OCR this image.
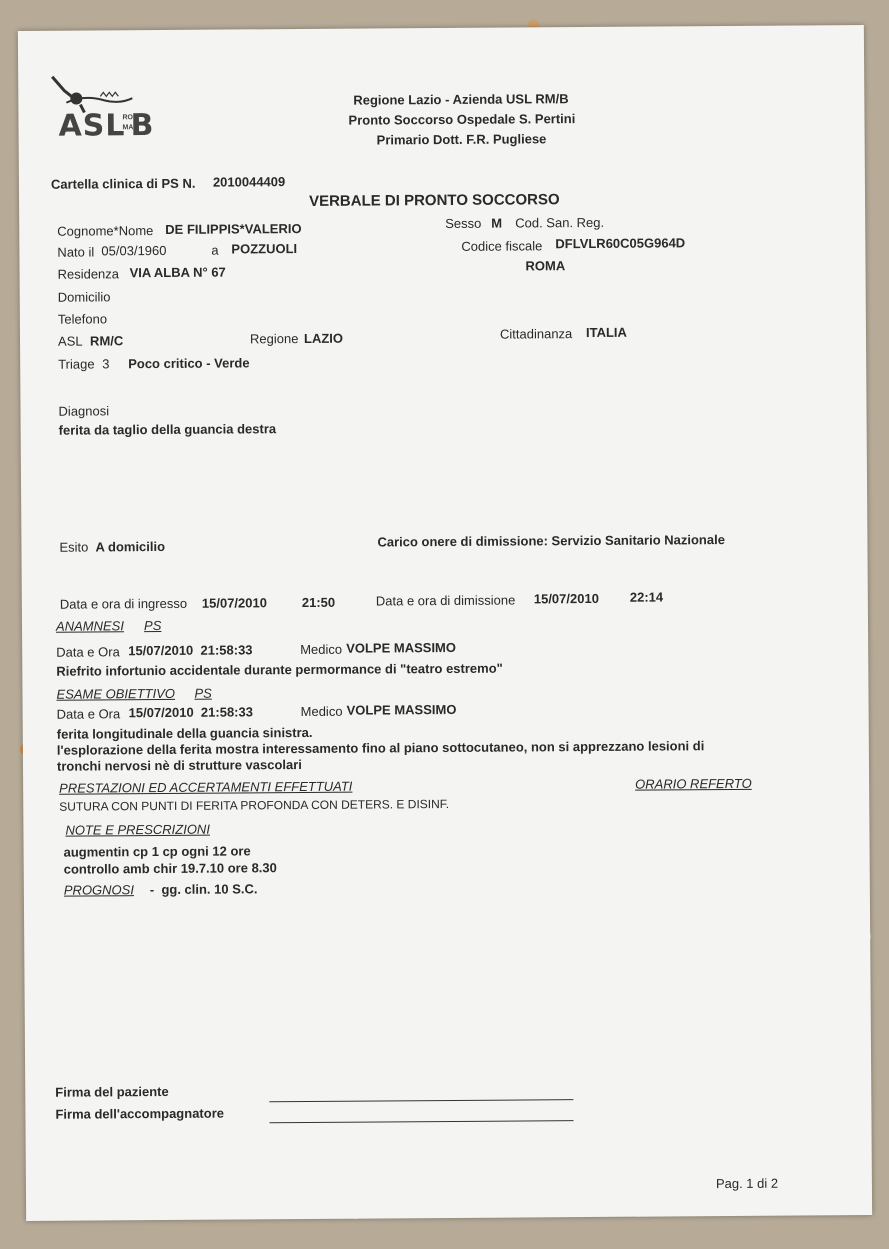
ASL
RO
MA
B
Regione Lazio - Azienda USL RM/B
Pronto Soccorso Ospedale S. Pertini
Primario Dott. F.R. Pugliese
Cartella clinica di PS N. 2010044409
VERBALE DI PRONTO SOCCORSO
Cognome*Nome DE FILIPPIS*VALERIO	Sesso M Cod. San. Reg.
Nato il 05/03/1960	a POZZUOLI	Codice fiscale DFLVLR60C05G964D
Residenza VIA ALBA N° 67	ROMA
Domicilio
Telefono
ASL RM/C	Regione LAZIO	Cittadinanza ITALIA
Triage 3 Poco critico - Verde
Diagnosi
ferita da taglio della guancia destra
Esito A domicilio	Carico onere di dimissione: Servizio Sanitario Nazionale
Data e ora di ingresso 15/07/2010	21:50	Data e ora di dimissione 15/07/2010 22:14
ANAMNESI PS
Data e Ora 15/07/2010  21:58:33	Medico VOLPE MASSIMO
Riefrito infortunio accidentale durante permormance di "teatro estremo"
ESAME OBIETTIVO PS
Data e Ora 15/07/2010  21:58:33	Medico VOLPE MASSIMO
ferita longitudinale della guancia sinistra.
l'esplorazione della ferita mostra interessamento fino al piano sottocutaneo, non si apprezzano lesioni di
tronchi nervosi nè di strutture vascolari
PRESTAZIONI ED ACCERTAMENTI EFFETTUATI	ORARIO REFERTO
SUTURA CON PUNTI DI FERITA PROFONDA CON DETERS. E DISINF.
NOTE E PRESCRIZIONI
augmentin cp 1 cp ogni 12 ore
controllo amb chir 19.7.10 ore 8.30
PROGNOSI -  gg. clin. 10 S.C.
Firma del paziente
Firma dell'accompagnatore
Pag. 1 di 2
